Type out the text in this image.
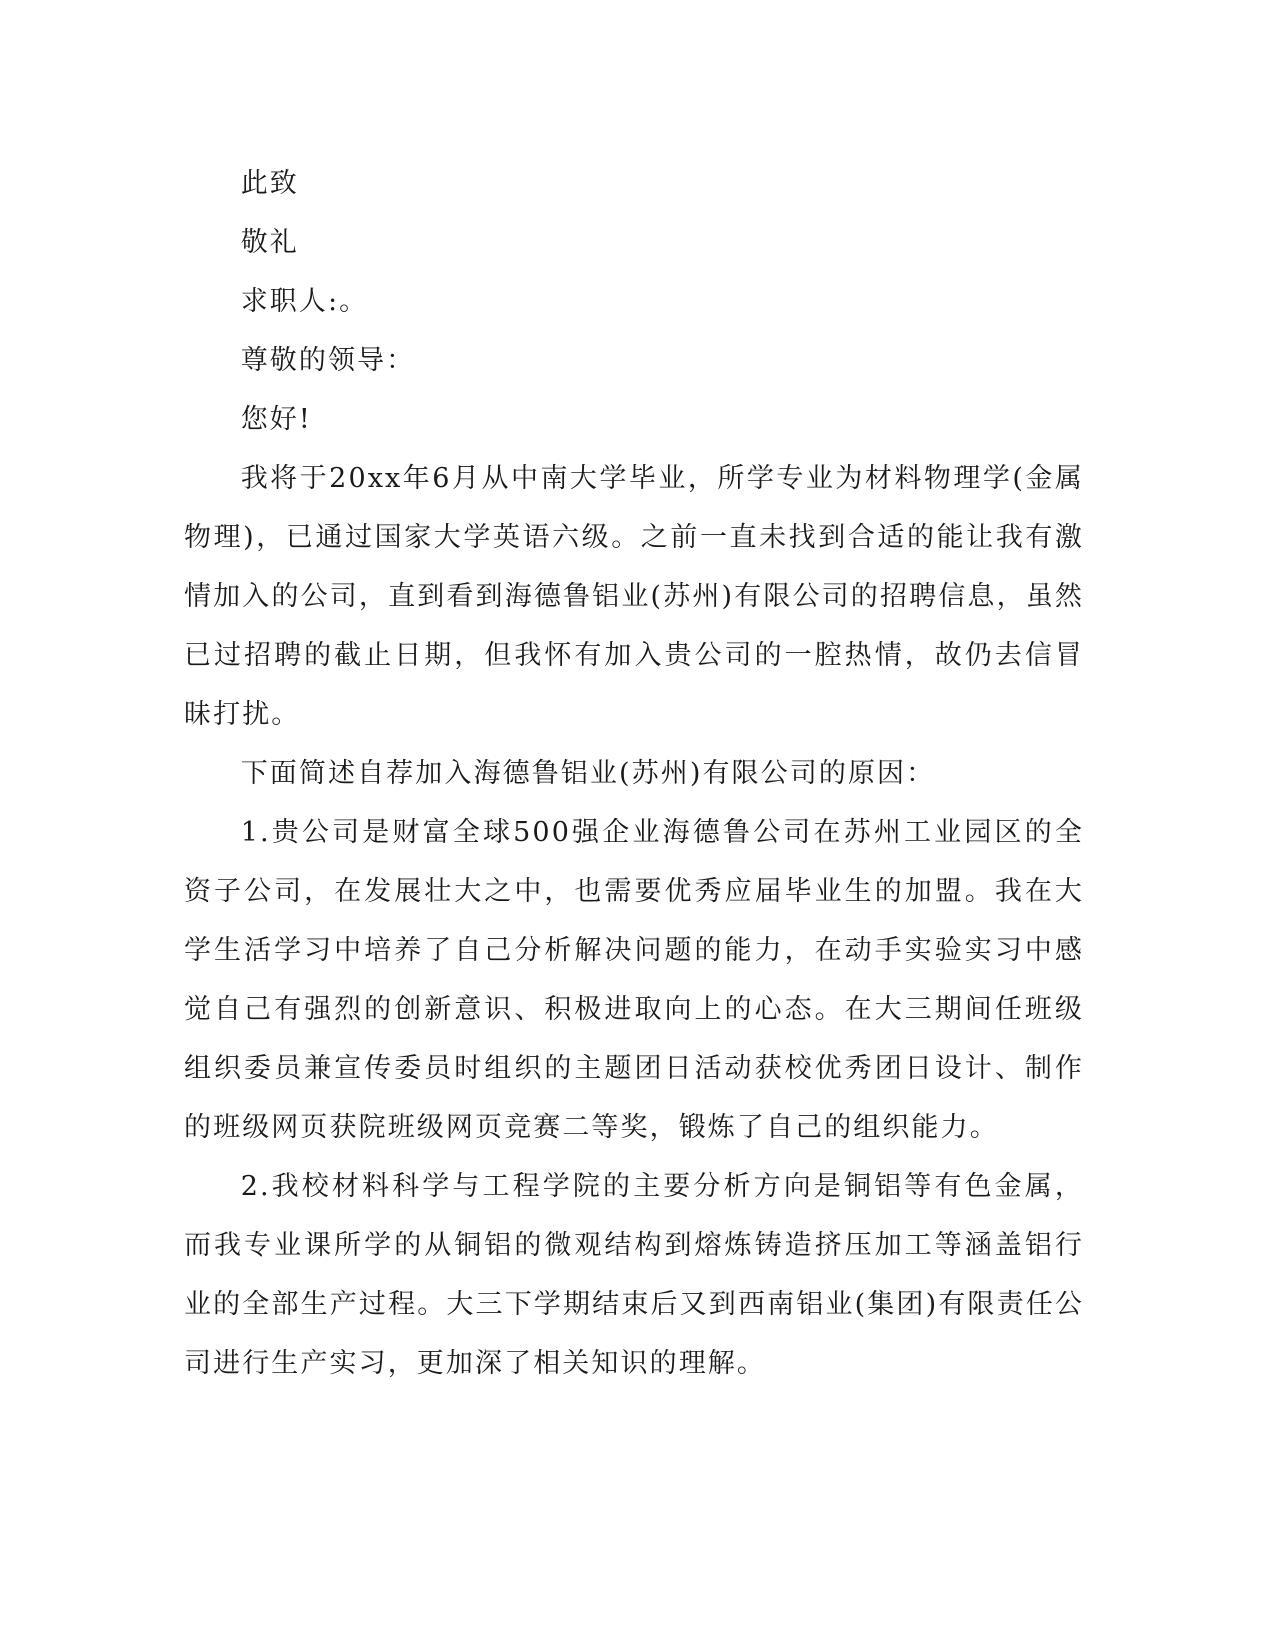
此致

敬礼

求职人:。

尊敬的领导：

您好!

我将于20xx年6月从中南大学毕业，所学专业为材料物理学(金属物理)，已通过国家大学英语六级。之前一直未找到合适的能让我有激情加入的公司，直到看到海德鲁铝业(苏州)有限公司的招聘信息，虽然已过招聘的截止日期，但我怀有加入贵公司的一腔热情，故仍去信冒昧打扰。

下面简述自荐加入海德鲁铝业(苏州)有限公司的原因：

1.贵公司是财富全球500强企业海德鲁公司在苏州工业园区的全资子公司，在发展壮大之中，也需要优秀应届毕业生的加盟。我在大学生活学习中培养了自己分析解决问题的能力，在动手实验实习中感觉自己有强烈的创新意识、积极进取向上的心态。在大三期间任班级组织委员兼宣传委员时组织的主题团日活动获校优秀团日设计、制作的班级网页获院班级网页竞赛二等奖，锻炼了自己的组织能力。

2.我校材料科学与工程学院的主要分析方向是铜铝等有色金属，而我专业课所学的从铜铝的微观结构到熔炼铸造挤压加工等涵盖铝行业的全部生产过程。大三下学期结束后又到西南铝业(集团)有限责任公司进行生产实习，更加深了相关知识的理解。
